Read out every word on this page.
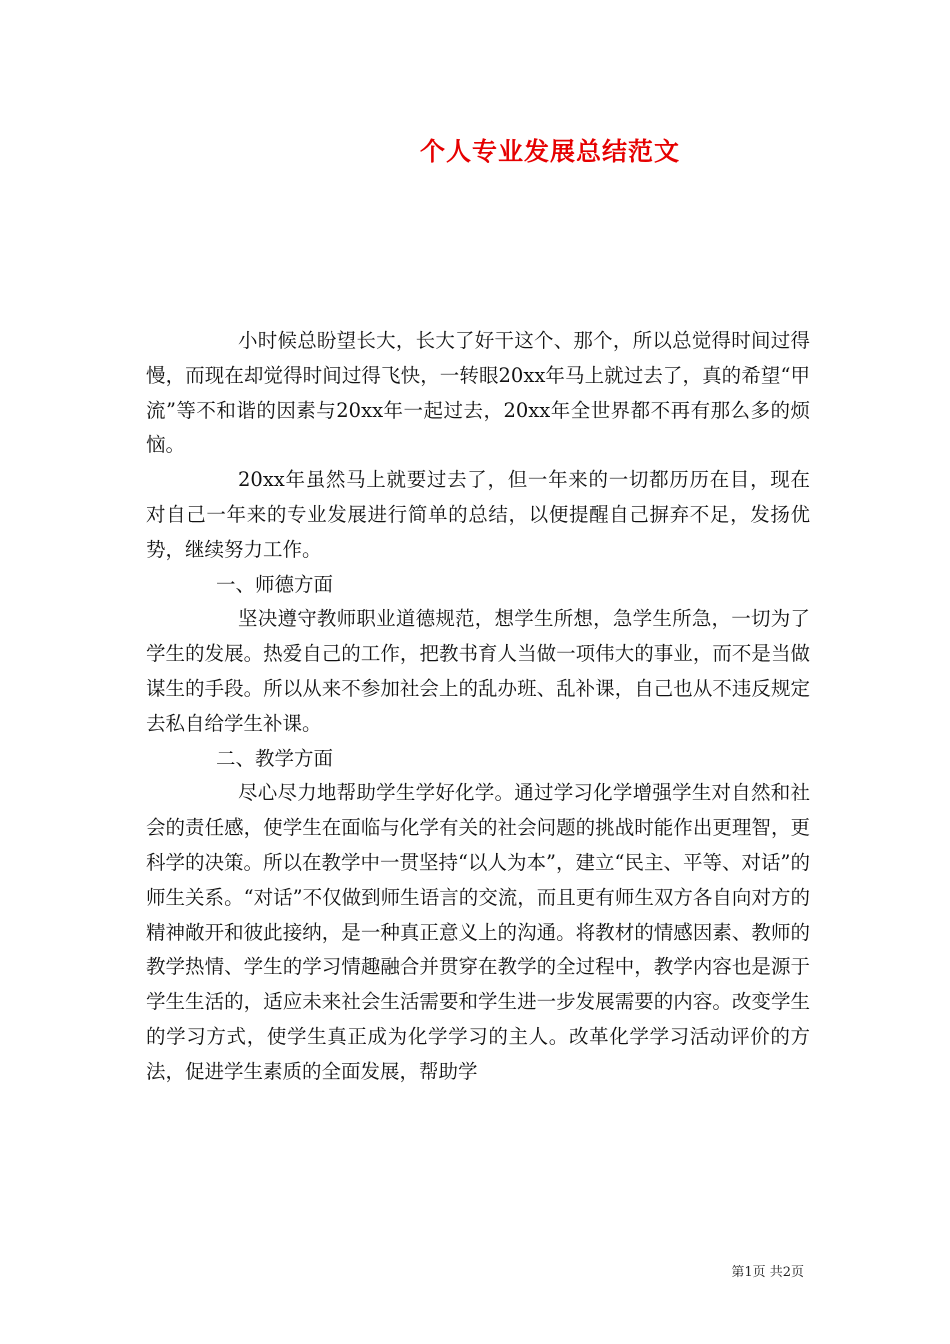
个人专业发展总结范文

小时候总盼望长大，长大了好干这个、那个，所以总觉得时间过得慢，而现在却觉得时间过得飞快，一转眼20xx年马上就过去了，真的希望“甲流”等不和谐的因素与20xx年一起过去，20xx年全世界都不再有那么多的烦恼。

20xx年虽然马上就要过去了，但一年来的一切都历历在目，现在对自己一年来的专业发展进行简单的总结，以便提醒自己摒弃不足，发扬优势，继续努力工作。

一、师德方面

坚决遵守教师职业道德规范，想学生所想，急学生所急，一切为了学生的发展。热爱自己的工作，把教书育人当做一项伟大的事业，而不是当做谋生的手段。所以从来不参加社会上的乱办班、乱补课，自己也从不违反规定去私自给学生补课。

二、教学方面

尽心尽力地帮助学生学好化学。通过学习化学增强学生对自然和社会的责任感，使学生在面临与化学有关的社会问题的挑战时能作出更理智，更科学的决策。所以在教学中一贯坚持“以人为本”，建立“民主、平等、对话”的师生关系。“对话”不仅做到师生语言的交流，而且更有师生双方各自向对方的精神敞开和彼此接纳，是一种真正意义上的沟通。将教材的情感因素、教师的教学热情、学生的学习情趣融合并贯穿在教学的全过程中，教学内容也是源于学生生活的，适应未来社会生活需要和学生进一步发展需要的内容。改变学生的学习方式，使学生真正成为化学学习的主人。改革化学学习活动评价的方法，促进学生素质的全面发展，帮助学

第1页 共2页
